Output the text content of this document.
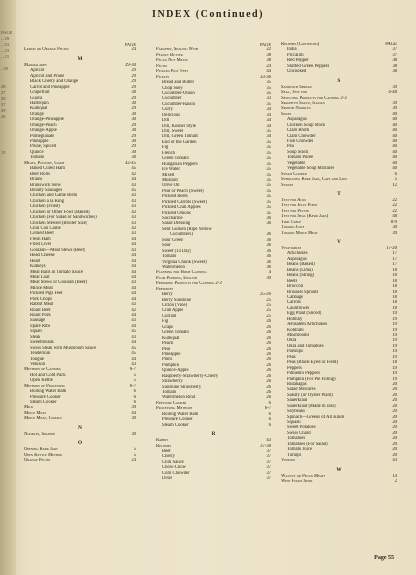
PAGE
...29
...53
...53
...15
..39
28
27
28
37
39
26
15
INDEX (Continued)
PAGE
Lemon or Orange Pectin	24
M
Marmalades	29-30
Apricot	29
Apricot and Prune	29
Black Cherry and Orange	29
Carrot and Pineapple	29
Grapefruit	30
Guava	29
Harlequin	30
Kumquat	29
Orange	30
Orange-Pineapple	30
Orange-Peach	29
Orange-Apple	30
Pomegranate	29
Pineapple	30
Prune, Spiced	29
Quince	30
Tomato	30
Meats, Poultry, Game	42-45
Baked Cured Ham	45
Beef Rolls	42
Brains	44
Brunswick Stew	43
Bounty Sausages	45
Chicken and Game Birds	43
Chicken à la King	43
Chicken (Fried)	43
Chicken or Other Fowl (Baked)	43
Chicken (For Salad or Sandwiches)	43
Chicken Stewed (Broiler Size)	43
Chili Con Carne	43
Corned Beef	43
Fresh Ham	44
Fried Liver	44
Goulash—Meat Stews (Beef)	43
Head Cheese	44
Heart	44
Kidneys	44
Meat Balls in Tomato Sauce	44
Meat Loaf	44
Meat Stews or Goulash (Beef)	43
Mince Meat	44
Pickled Pigs Feet	44
Pork Chops	44
Rabbit Meat	43
Roast Beef	42
Roast Pork	44
Sausage	43
Spare Ribs	44
Squab	45
Steak	43
Sweetbreads	44
Swiss Steak with Mushroom Sauce	45
Tenderloin	45
Tongue	44
Venison	43
Methods of Canning	6-7
Hot and Cold Pack	5
Open Kettle	5
Methods of Processing	6-7
Boiling Water Bath	6
Pressure Cooker	6
Steam Cooker	6
Milk	39
Mince Meat	44
Mince Meat, Tomato	39
N
Noodles, Spanish	39
O
Opening Kerr Jars	5
Open Kettle Method	5
Orange Pectin	24
PAGE
Paraffin, Sealing With	22
Peanut Butter	38
Pecan Nut Meats	38
Pectin	24
Pickled Pigs' Feet	44
Pickles	33-36
Bread and Butter	35
Chop Suey	35
Cucumber-Onion	35
Cucumber	33
Cucumber-Raisin	35
Curry	34
Delicious	34
Dill	34
Dill, Kosher Style	34
Dill, Sweet	35
Dill, Green Tomato	34
End of the Garden	35
Fig	35
French	35
Green Tomato	35
Hungarian Peppers	35
Ice Water	35
Mixed	35
Mustard	35
Olive Oil	35
Pear or Peach (Sweet)	35
Pickled Beets	35
Pickled Carrots (Sweet)	35
Pickled Crab Apples	35
Pickled Onions	35
Saccharine	36
Salad Dressing	36
Senf Gurken (Ripe Yellow
Cucumbers)	36
Sour Green	36
Sour	36
Sweet (14 Day)	36
Tomato	36
Virginia Chunk (Sweet)	36
Watermelon	36
Planning for Home Canning	4
Plum Pudding, English	39
Preparing Products for Canning 2-3
Preserves
Berry	25-26
Berry Sunshine	25
Citron (Vine)	25
Crab Apple	25
Currant	25
Fig	26
Grape	26
Green Tomato	26
Kumquat	26
Peach	26
Pear	26
Pineapple	26
Plum	26
Pumpkin	26
Quince-Apple	26
Raspberry-Strawberry-Cherry	26
Strawberry	26
Sunshine Strawberry	26
Tomato	26
Watermelon Rind	26
Pressure Cooker	6
Processing Methods	6-7
Boiling Water Bath	6
Pressure Cooker	6
Steam Cooker	6
R
Rabbit	43
Relishes	37-38
Beet	37
Cherry	37
Chili Sauce	37
Chow-Chow	37
Corn Chowder	37
Dixie	37
Relishes (Continued)	PAGE
India	37
Piccalilli	37
Red Pepper	38
Stuffed Green Peppers	38
Uncooked	38
S
Sandwich Spread	39
Seal, Test for	4-48
Selecting Products for Canning 2-3
Spaghetti Sauce, Italian	39
Spanish Noodles	39
Soups	40
Asparagus	40
Chicken Soup Stock	40
Clam Broth	40
Clam Chowder	40
Fish Chowder	40
Pea	40
Soup Stock	40
Tomato Puree	40
Vegetable	40
Vegetable Soup Mixtures	40
Steam Cooker	6
Sterilizing Kerr Jars, Caps and Lids	5
Syrups	12
T
Test for Acid	22
Test for Jelly Point	22
Test for Pectin	22
Test for Seal (Kerr Jars)	48
Time Table	8-9
Tomato Juice	30
Tomato Mince Meat	39
V
Vegetables	17-20
Artichokes	17
Asparagus	17
Beans (Baked)	17
Beans (Lima)	18
Beans (String)	18
Beets	18
Broccoli	18
Brussels Sprouts	18
Cabbage	18
Carrots	18
Cauliflower	18
Egg Plant (Sliced)	19
Hominy	19
Jerusalem Artichokes	19
Kohlrabi	19
Mushrooms	19
Okra	19
Okra and Tomatoes	19
Parsnips	19
Peas	19
Peas (Black-Eyed or Field)	18
Peppers	19
Pimiento Peppers	19
Pumpkin (For Pie Filling)	19
Rutabagas	20
Salad Mixtures	20
Salsify (or Oyster Plant)	20
Sauerkraut	20
Sauerkraut (Made in Jars)	20
Soybeans	20
Spinach—Greens of All Kinds	20
Squash	20
Sweet Potatoes	20
Swiss Chard	20
Tomatoes	20
Tomatoes (For Salad)	20
Tomato Juice	20
Turnips	20
Venison	43
W
Walnut or Pecan Meats	14
Whit Foods Spoil	2
Page 55
